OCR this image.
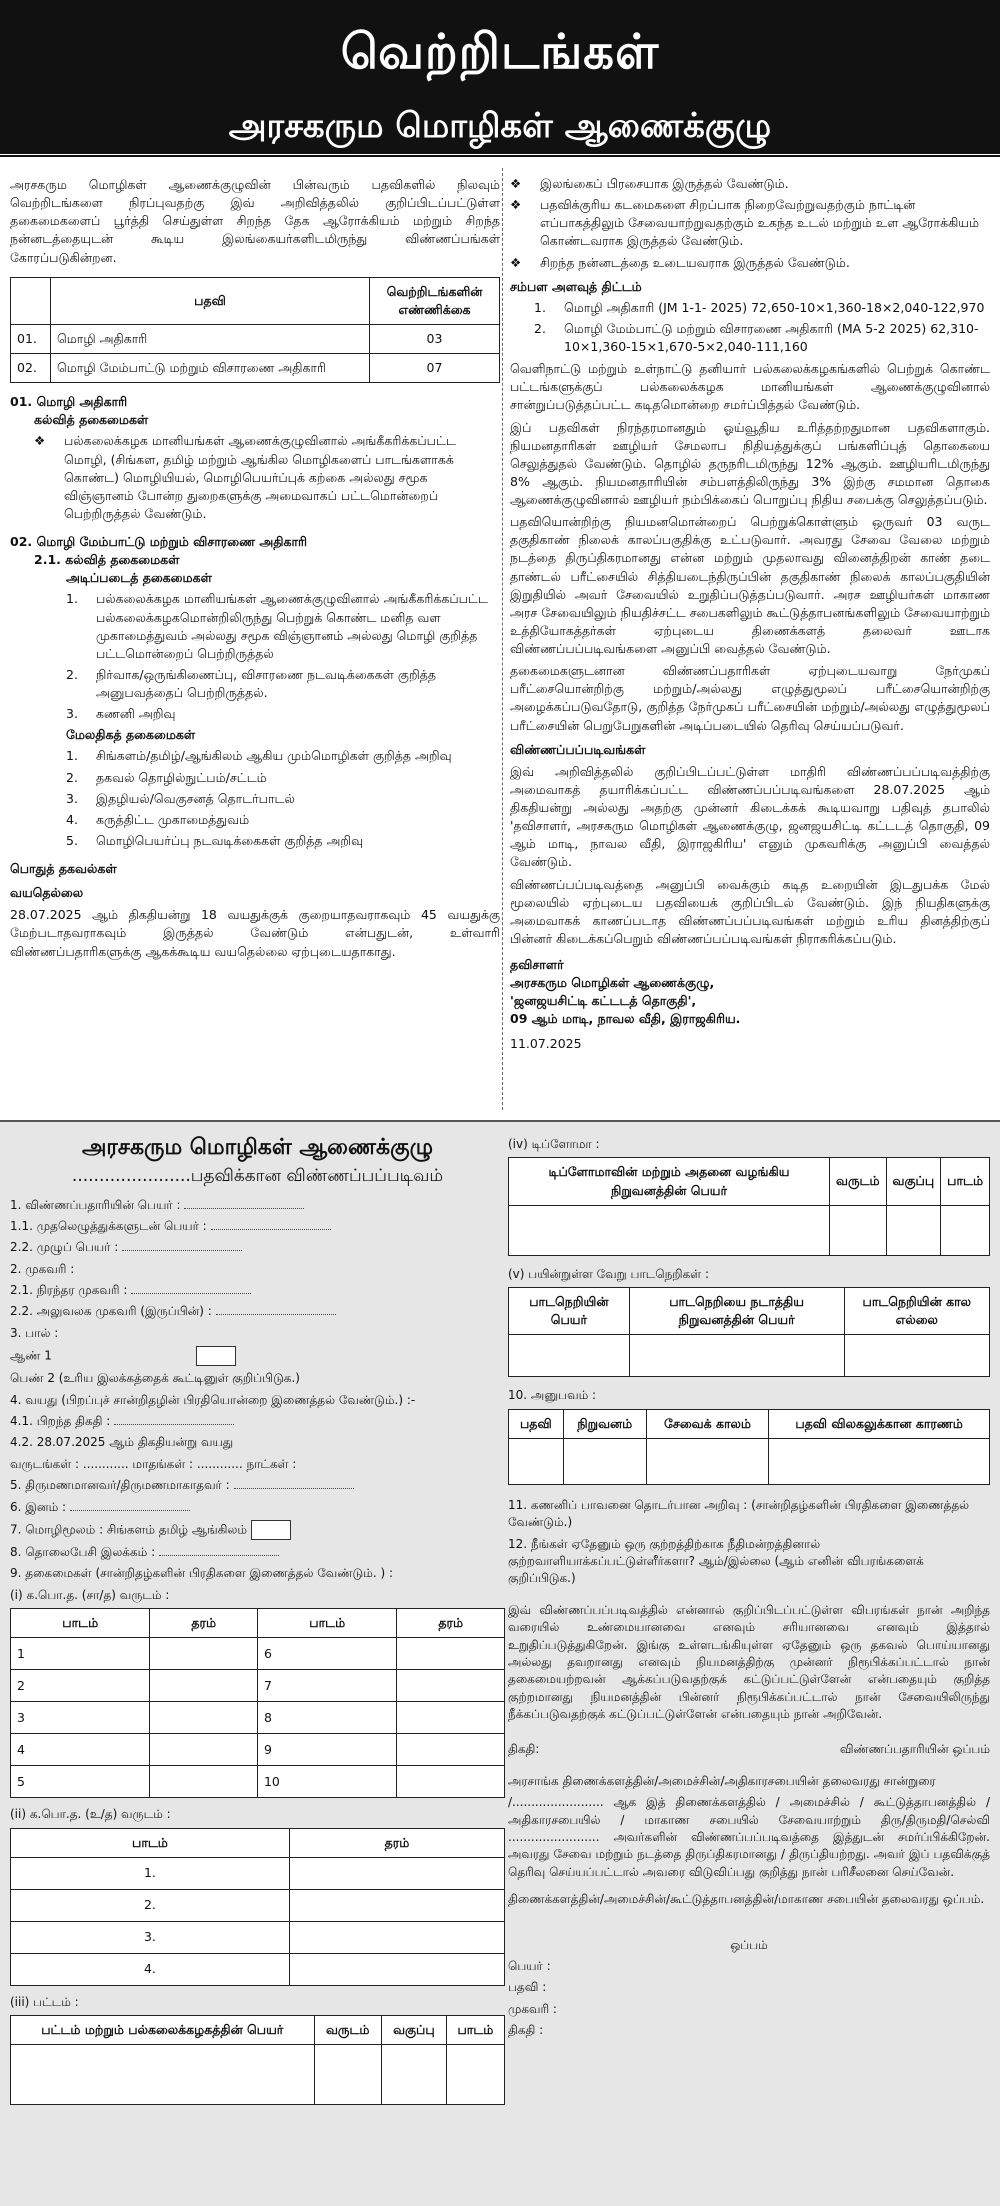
வெற்றிடங்கள்
அரசகரும மொழிகள் ஆணைக்குழு

அரசகரும மொழிகள் ஆணைக்குழுவின் பின்வரும் பதவிகளில் நிலவும் வெற்றிடங்களை நிரப்புவதற்கு இவ் அறிவித்தலில் குறிப்பிடப்பட்டுள்ள தகைமைகளைப் பூர்த்தி செய்துள்ள சிறந்த தேக ஆரோக்கியம் மற்றும் சிறந்த நன்னடத்தையுடன் கூடிய இலங்கையர்களிடமிருந்து விண்ணப்பங்கள் கோரப்படுகின்றன.

	பதவி	வெற்றிடங்களின் எண்ணிக்கை
01.	மொழி அதிகாரி	03
02.	மொழி மேம்பாட்டு மற்றும் விசாரணை அதிகாரி	07
01. மொழி அதிகாரி
கல்வித் தகைமைகள்
❖	பல்கலைக்கழக மானியங்கள் ஆணைக்குழுவினால் அங்கீகரிக்கப்பட்ட மொழி, (சிங்கள, தமிழ் மற்றும் ஆங்கில மொழிகளைப் பாடங்களாகக் கொண்ட) மொழியியல், மொழிபெயர்ப்புக் கற்கை அல்லது சமூக விஞ்ஞானம் போன்ற துறைகளுக்கு அமைவாகப் பட்டமொன்றைப் பெற்றிருத்தல் வேண்டும்.
02. மொழி மேம்பாட்டு மற்றும் விசாரணை அதிகாரி
2.1. கல்வித் தகைமைகள்
அடிப்படைத் தகைமைகள்
1.	பல்கலைக்கழக மானியங்கள் ஆணைக்குழுவினால் அங்கீகரிக்கப்பட்ட பல்கலைக்கழகமொன்றிலிருந்து பெற்றுக் கொண்ட மனித வள முகாமைத்துவம் அல்லது சமூக விஞ்ஞானம் அல்லது மொழி குறித்த பட்டமொன்றைப் பெற்றிருத்தல்
2.	நிர்வாக/ஒருங்கிணைப்பு, விசாரணை நடவடிக்கைகள் குறித்த அனுபவத்தைப் பெற்றிருத்தல்.
3.	கணனி அறிவு
மேலதிகத் தகைமைகள்
1.	சிங்களம்/தமிழ்/ஆங்கிலம் ஆகிய மும்மொழிகள் குறித்த அறிவு
2.	தகவல் தொழில்நுட்பம்/சட்டம்
3.	இதழியல்/வெகுசனத் தொடர்பாடல்
4.	கருத்திட்ட முகாமைத்துவம்
5.	மொழிபெயர்ப்பு நடவடிக்கைகள் குறித்த அறிவு
பொதுத் தகவல்கள்
வயதெல்லை

28.07.2025 ஆம் திகதியன்று 18 வயதுக்குக் குறையாதவராகவும் 45 வயதுக்கு மேற்படாதவராகவும் இருத்தல் வேண்டும் என்பதுடன், உள்வாரி விண்ணப்பதாரிகளுக்கு ஆகக்கூடிய வயதெல்லை ஏற்புடையதாகாது.

❖	இலங்கைப் பிரசையாக இருத்தல் வேண்டும்.
❖	பதவிக்குரிய கடமைகளை சிறப்பாக நிறைவேற்றுவதற்கும் நாட்டின் எப்பாகத்திலும் சேவையாற்றுவதற்கும் உகந்த உடல் மற்றும் உள ஆரோக்கியம் கொண்டவராக இருத்தல் வேண்டும்.
❖	சிறந்த நன்னடத்தை உடையவராக இருத்தல் வேண்டும்.
சம்பள அளவுத் திட்டம்
1.	மொழி அதிகாரி (JM 1-1- 2025) 72,650-10×1,360-18×2,040-122,970
2.	மொழி மேம்பாட்டு மற்றும் விசாரணை அதிகாரி (MA 5-2 2025) 62,310-10×1,360-15×1,670-5×2,040-111,160

வெளிநாட்டு மற்றும் உள்நாட்டு தனியார் பல்கலைக்கழகங்களில் பெற்றுக் கொண்ட பட்டங்களுக்குப் பல்கலைக்கழக மானியங்கள் ஆணைக்குழுவினால் சான்றுப்படுத்தப்பட்ட கடிதமொன்றை சமர்ப்பித்தல் வேண்டும்.

இப் பதவிகள் நிரந்தரமானதும் ஓய்வூதிய உரித்தற்றதுமான பதவிகளாகும். நியமனதாரிகள் ஊழியர் சேமலாப நிதியத்துக்குப் பங்களிப்புத் தொகையை செலுத்துதல் வேண்டும். தொழில் தருநரிடமிருந்து 12% ஆகும். ஊழியரிடமிருந்து 8% ஆகும். நியமனதாரியின் சம்பளத்திலிருந்து 3% இற்கு சமமான தொகை ஆணைக்குழுவினால் ஊழியர் நம்பிக்கைப் பொறுப்பு நிதிய சபைக்கு செலுத்தப்படும்.

பதவியொன்றிற்கு நியமனமொன்றைப் பெற்றுக்கொள்ளும் ஒருவர் 03 வருட தகுதிகாண் நிலைக் காலப்பகுதிக்கு உட்படுவார். அவரது சேவை வேலை மற்றும் நடத்தை திருப்திகரமானது என்ன மற்றும் முதலாவது வினைத்திறன் காண் தடை தாண்டல் பரீட்சையில் சித்தியடைந்திருப்பின் தகுதிகாண் நிலைக் காலப்பகுதியின் இறுதியில் அவர் சேவையில் உறுதிப்படுத்தப்படுவார். அரச ஊழியர்கள் மாகாண அரச சேவையிலும் நியதிச்சட்ட சபைகளிலும் கூட்டுத்தாபனங்களிலும் சேவையாற்றும் உத்தியோகத்தர்கள் ஏற்புடைய திணைக்களத் தலைவர் ஊடாக விண்ணப்பப்படிவங்களை அனுப்பி வைத்தல் வேண்டும்.

தகைமைகளுடனான விண்ணப்பதாரிகள் ஏற்புடையவாறு நேர்முகப் பரீட்சையொன்றிற்கு மற்றும்/அல்லது எழுத்துமூலப் பரீட்சையொன்றிற்கு அழைக்கப்படுவதோடு, குறித்த நேர்முகப் பரீட்சையின் மற்றும்/அல்லது எழுத்துமூலப் பரீட்சையின் பெறுபேறுகளின் அடிப்படையில் தெரிவு செய்யப்படுவர்.

விண்ணப்பப்படிவங்கள்

இவ் அறிவித்தலில் குறிப்பிடப்பட்டுள்ள மாதிரி விண்ணப்பப்படிவத்திற்கு அமைவாகத் தயாரிக்கப்பட்ட விண்ணப்பப்படிவங்களை 28.07.2025 ஆம் திகதியன்று அல்லது அதற்கு முன்னர் கிடைக்கக் கூடியவாறு பதிவுத் தபாலில் 'தவிசாளர், அரசகரும மொழிகள் ஆணைக்குழு, ஜனஜயசிட்டி கட்டடத் தொகுதி, 09 ஆம் மாடி, நாவல வீதி, இராஜகிரிய' எனும் முகவரிக்கு அனுப்பி வைத்தல் வேண்டும்.

விண்ணப்பப்படிவத்தை அனுப்பி வைக்கும் கடித உறையின் இடதுபக்க மேல் மூலையில் ஏற்புடைய பதவியைக் குறிப்பிடல் வேண்டும். இந் நியதிகளுக்கு அமைவாகக் காணப்படாத விண்ணப்பப்படிவங்கள் மற்றும் உரிய தினத்திற்குப் பின்னர் கிடைக்கப்பெறும் விண்ணப்பப்படிவங்கள் நிராகரிக்கப்படும்.

தவிசாளர்
அரசகரும மொழிகள் ஆணைக்குழு,
'ஜனஜயசிட்டி கட்டடத் தொகுதி',
09 ஆம் மாடி, நாவல வீதி, இராஜகிரிய.
11.07.2025
அரசகரும மொழிகள் ஆணைக்குழு
......................பதவிக்கான விண்ணப்பப்படிவம்
1. விண்ணப்பதாரியின் பெயர் :
1.1. முதலெழுத்துக்களுடன் பெயர் :
2.2. முழுப் பெயர் :
2. முகவரி :
2.1. நிரந்தர முகவரி :
2.2. அலுவலக முகவரி (இருப்பின்) :
3. பால் :
ஆண் 1
பெண் 2 (உரிய இலக்கத்தைக் கூட்டினுள் குறிப்பிடுக.)
4. வயது (பிறப்புச் சான்றிதழின் பிரதியொன்றை இணைத்தல் வேண்டும்.) :-
4.1. பிறந்த திகதி :
4.2. 28.07.2025 ஆம் திகதியன்று வயது
வருடங்கள் : ............ மாதங்கள் : ............ நாட்கள் :
5. திருமணமானவர்/திருமணமாகாதவர் :
6. இனம் :
7. மொழிமூலம் : சிங்களம் தமிழ் ஆங்கிலம்
8. தொலைபேசி இலக்கம் :
9. தகைமைகள் (சான்றிதழ்களின் பிரதிகளை இணைத்தல் வேண்டும். ) :
(i) க.பொ.த. (சா/த) வருடம் :
பாடம்	தரம்	பாடம்	தரம்
1		6	
2		7	
3		8	
4		9	
5		10	
(ii) க.பொ.த. (உ/த) வருடம் :
பாடம்	தரம்
1.	
2.	
3.	
4.	
(iii) பட்டம் :
பட்டம் மற்றும் பல்கலைக்கழகத்தின் பெயர்	வருடம்	வகுப்பு	பாடம்

(iv) டிப்ளோமா :
டிப்ளோமாவின் மற்றும் அதனை வழங்கிய நிறுவனத்தின் பெயர்	வருடம்	வகுப்பு	பாடம்

(v) பயின்றுள்ள வேறு பாடநெறிகள் :
பாடநெறியின் பெயர்	பாடநெறியை நடாத்திய நிறுவனத்தின் பெயர்	பாடநெறியின் கால எல்லை

10. அனுபவம் :
பதவி	நிறுவனம்	சேவைக் காலம்	பதவி விலகலுக்கான காரணம்

11. கணனிப் பாவனை தொடர்பான அறிவு : (சான்றிதழ்களின் பிரதிகளை இணைத்தல் வேண்டும்.)
12. நீங்கள் ஏதேனும் ஒரு குற்றத்திற்காக நீதிமன்றத்தினால் குற்றவாளியாக்கப்பட்டுள்ளீர்களா? ஆம்/இல்லை (ஆம் எனின் விபரங்களைக் குறிப்பிடுக.)

இவ் விண்ணப்பப்படிவத்தில் என்னால் குறிப்பிடப்பட்டுள்ள விபரங்கள் நான் அறிந்த வரையில் உண்மையானவை எனவும் சரியானவை எனவும் இத்தால் உறுதிப்படுத்துகிறேன். இங்கு உள்ளடங்கியுள்ள ஏதேனும் ஒரு தகவல் பொய்யானது அல்லது தவறானது எனவும் நியமனத்திற்கு முன்னர் நிரூபிக்கப்பட்டால் நான் தகைமையற்றவன் ஆக்கப்படுவதற்குக் கட்டுப்பட்டுள்ளேன் என்பதையும் குறித்த குற்றமானது நியமனத்தின் பின்னர் நிரூபிக்கப்பட்டால் நான் சேவையிலிருந்து நீக்கப்படுவதற்குக் கட்டுப்பட்டுள்ளேன் என்பதையும் நான் அறிவேன்.

திகதி:	விண்ணப்பதாரியின் ஒப்பம்
அரசாங்க திணைக்களத்தின்/அமைச்சின்/அதிகாரசபையின் தலைவரது சான்றுரை

/........................ ஆக இத் திணைக்களத்தில் / அமைச்சில் / கூட்டுத்தாபனத்தில் / அதிகாரசபையில் / மாகாண சபையில் சேவையாற்றும் திரு/திருமதி/செல்வி ........................ அவர்களின் விண்ணப்பப்படிவத்தை இத்துடன் சமர்ப்பிக்கிறேன். அவரது சேவை மற்றும் நடத்தை திருப்திகரமானது / திருப்தியற்றது. அவர் இப் பதவிக்குத் தெரிவு செய்யப்பட்டால் அவரை விடுவிப்பது குறித்து நான் பரிசீலனை செய்வேன்.

திணைக்களத்தின்/அமைச்சின்/கூட்டுத்தாபனத்தின்/மாகாண சபையின் தலைவரது ஒப்பம்.

ஒப்பம்
பெயர் :
பதவி :
முகவரி :
திகதி :
